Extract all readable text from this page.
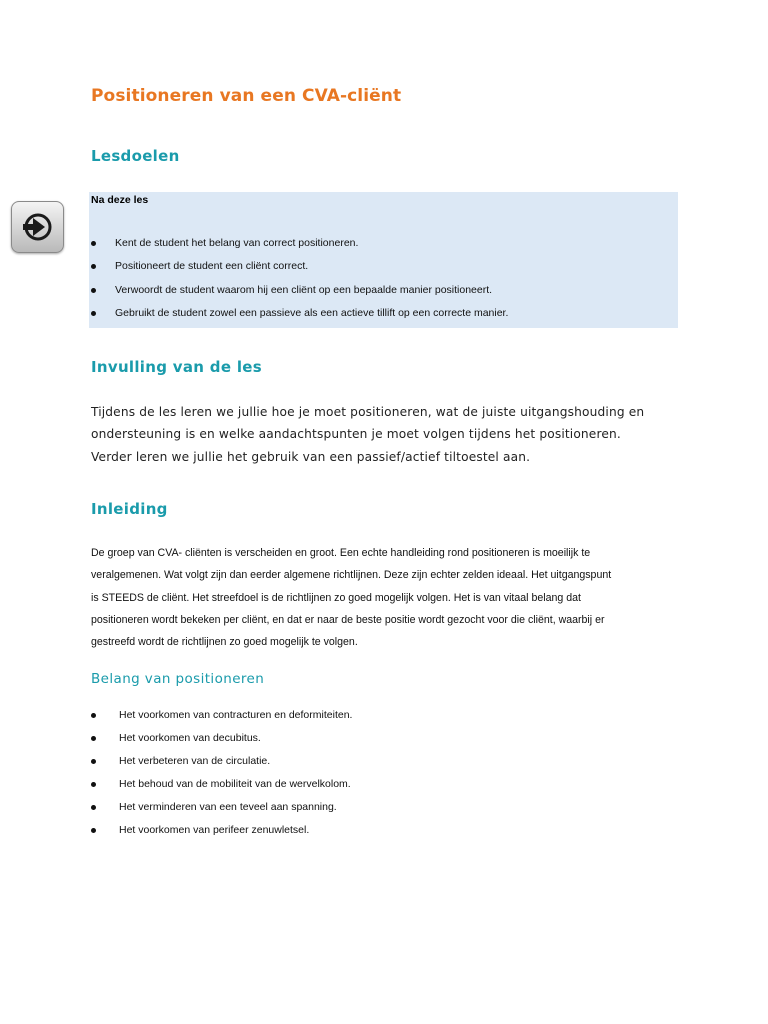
Positioneren van een CVA-cliënt
Lesdoelen
Na deze les
Kent de student het belang van correct positioneren.
Positioneert de student een cliënt correct.
Verwoordt de student waarom hij een cliënt op een bepaalde manier positioneert.
Gebruikt de student zowel een passieve als een actieve tillift op een correcte manier.
Invulling van de les

Tijdens de les leren we jullie hoe je moet positioneren, wat de juiste uitgangshouding en
ondersteuning is en welke aandachtspunten je moet volgen tijdens het positioneren.
Verder leren we jullie het gebruik van een passief/actief tiltoestel aan.

Inleiding

De groep van CVA- cliënten is verscheiden en groot. Een echte handleiding rond positioneren is moeilijk te
veralgemenen. Wat volgt zijn dan eerder algemene richtlijnen. Deze zijn echter zelden ideaal. Het uitgangspunt
is STEEDS de cliënt. Het streefdoel is de richtlijnen zo goed mogelijk volgen. Het is van vitaal belang dat
positioneren wordt bekeken per cliënt, en dat er naar de beste positie wordt gezocht voor die cliënt, waarbij er
gestreefd wordt de richtlijnen zo goed mogelijk te volgen.

Belang van positioneren
Het voorkomen van contracturen en deformiteiten.
Het voorkomen van decubitus.
Het verbeteren van de circulatie.
Het behoud van de mobiliteit van de wervelkolom.
Het verminderen van een teveel aan spanning.
Het voorkomen van perifeer zenuwletsel.
